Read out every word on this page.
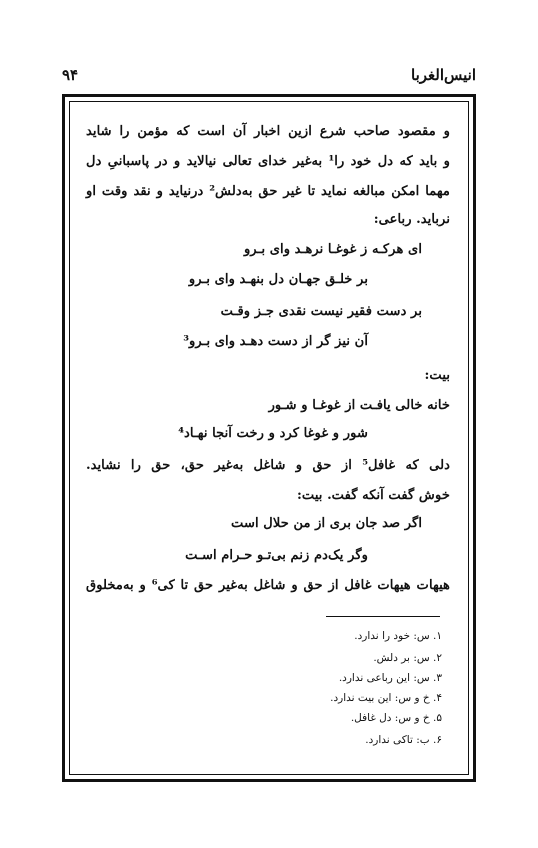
انیس‌الغربا
۹۴
و مقصود صاحب شرع ازین اخبار آن است که مؤمن را شاید
و باید که دل خود را¹ به‌غیر خدای تعالی نیالاید و در پاسبانیِ دل
مهما امکن مبالغه نماید تا غیر حق به‌دلش² درنیاید و نقد وقت او
نرباید. رباعی:
ای هرکـه ز غوغـا نرهـد وای بـرو
بر خلـق جهـان دل بنهـد وای بـرو
بر دست فقیر نیست نقدی جـز وقـت
آن نیز گر از دست دهـد وای بـرو³
بیت:
خانه خالی یافـت از غوغـا و شـور
شور و غوغا کرد و رخت آنجا نهـاد⁴
دلی که غافل⁵ از حق و شاغل به‌غیر حق، حق را نشاید.
خوش گفت آنکه گفت. بیت:
اگر صد جان بری از من حلال است
وگر یک‌دم زنم بی‌تـو حـرام اسـت
هیهات هیهات غافل از حق و شاغل به‌غیر حق تا کی⁶ و به‌مخلوق
۱. س: خود را ندارد.
۲. س: بر دلش.
۳. س: این رباعی ندارد.
۴. خ و س: این بیت ندارد.
۵. خ و س: دل غافل.
۶. ب: تاکی ندارد.
